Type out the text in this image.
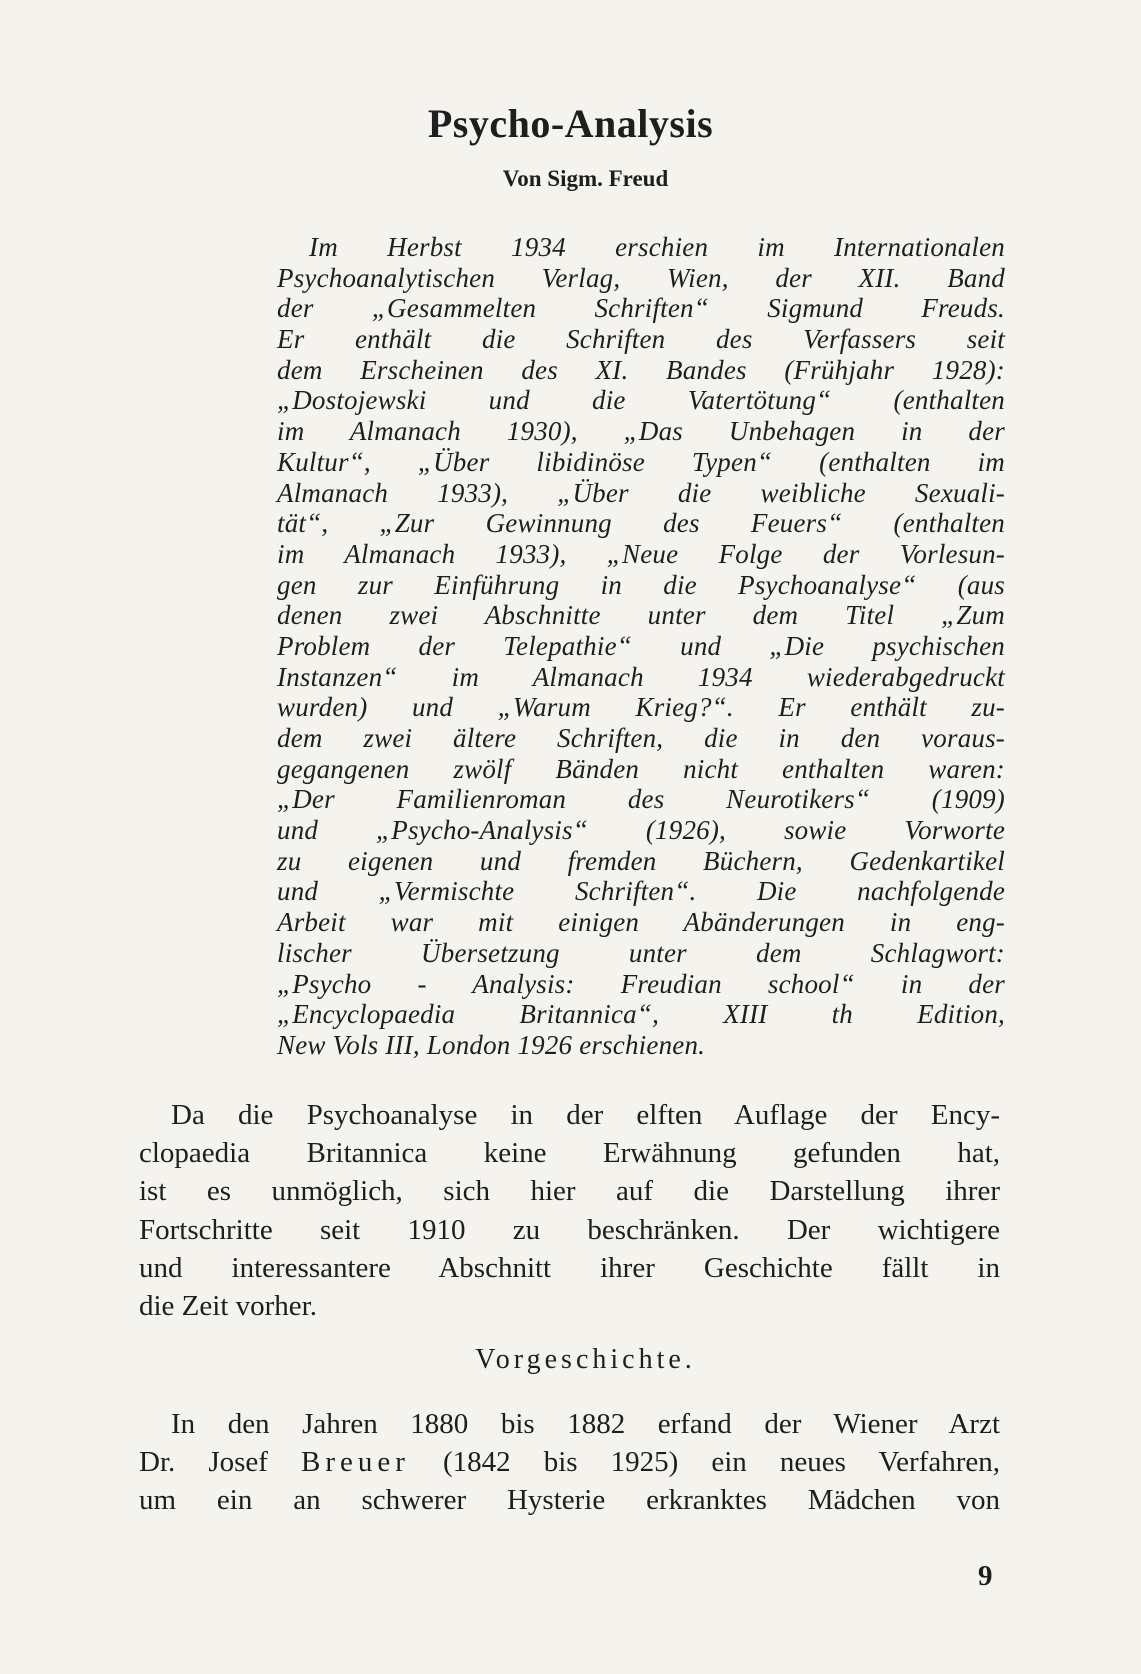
Psycho-Analysis
Von Sigm. Freud
Im Herbst 1934 erschien im Internationalen
Psychoanalytischen Verlag, Wien, der XII. Band
der „Gesammelten Schriften“ Sigmund Freuds.
Er enthält die Schriften des Verfassers seit
dem Erscheinen des XI. Bandes (Frühjahr 1928):
„Dostojewski und die Vatertötung“ (enthalten
im Almanach 1930), „Das Unbehagen in der
Kultur“, „Über libidinöse Typen“ (enthalten im
Almanach 1933), „Über die weibliche Sexuali-
tät“, „Zur Gewinnung des Feuers“ (enthalten
im Almanach 1933), „Neue Folge der Vorlesun-
gen zur Einführung in die Psychoanalyse“ (aus
denen zwei Abschnitte unter dem Titel „Zum
Problem der Telepathie“ und „Die psychischen
Instanzen“ im Almanach 1934 wiederabgedruckt
wurden) und „Warum Krieg?“. Er enthält zu-
dem zwei ältere Schriften, die in den voraus-
gegangenen zwölf Bänden nicht enthalten waren:
„Der Familienroman des Neurotikers“ (1909)
und „Psycho-Analysis“ (1926), sowie Vorworte
zu eigenen und fremden Büchern, Gedenkartikel
und „Vermischte Schriften“. Die nachfolgende
Arbeit war mit einigen Abänderungen in eng-
lischer Übersetzung unter dem Schlagwort:
„Psycho - Analysis: Freudian school“ in der
„Encyclopaedia Britannica“, XIII th Edition,
New Vols III, London 1926 erschienen.
Da die Psychoanalyse in der elften Auflage der Ency-
clopaedia Britannica keine Erwähnung gefunden hat,
ist es unmöglich, sich hier auf die Darstellung ihrer
Fortschritte seit 1910 zu beschränken. Der wichtigere
und interessantere Abschnitt ihrer Geschichte fällt in
die Zeit vorher.
Vorgeschichte.
In den Jahren 1880 bis 1882 erfand der Wiener Arzt
Dr. Josef Breuer (1842 bis 1925) ein neues Verfahren,
um ein an schwerer Hysterie erkranktes Mädchen von
9
